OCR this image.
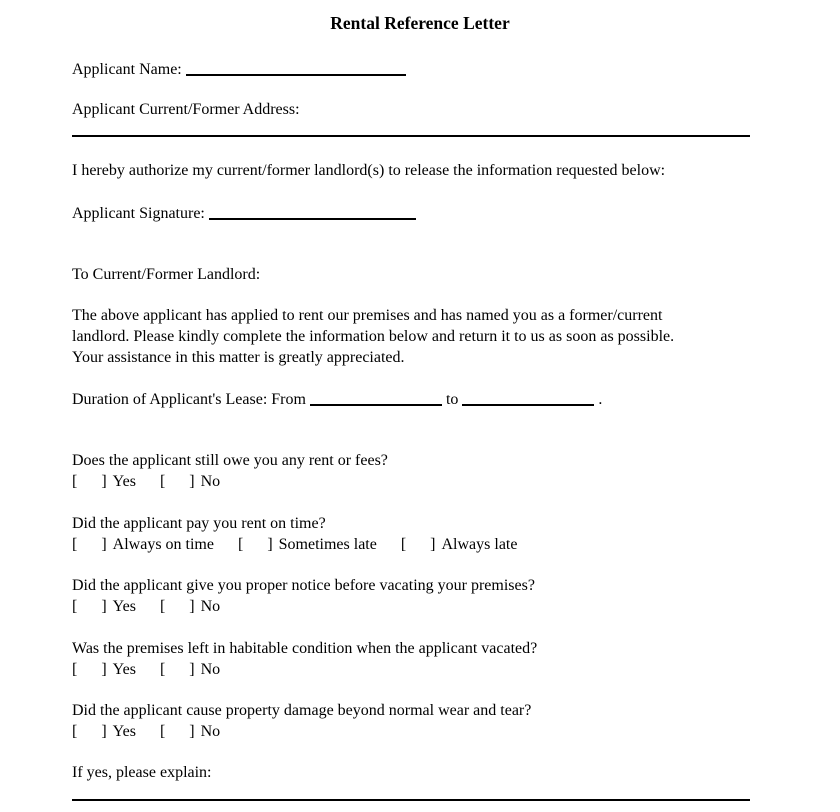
Rental Reference Letter
Applicant Name:
Applicant Current/Former Address:
I hereby authorize my current/former landlord(s) to release the information requested below:
Applicant Signature:
To Current/Former Landlord:
The above applicant has applied to rent our premises and has named you as a former/current
landlord. Please kindly complete the information below and return it to us as soon as possible.
Your assistance in this matter is greatly appreciated.
Duration of Applicant's Lease: From	to	.
Does the applicant still owe you any rent or fees?
[ ] Yes [ ] No
Did the applicant pay you rent on time?
[ ] Always on time [ ] Sometimes late [ ] Always late
Did the applicant give you proper notice before vacating your premises?
[ ] Yes [ ] No
Was the premises left in habitable condition when the applicant vacated?
[ ] Yes [ ] No
Did the applicant cause property damage beyond normal wear and tear?
[ ] Yes [ ] No
If yes, please explain:
